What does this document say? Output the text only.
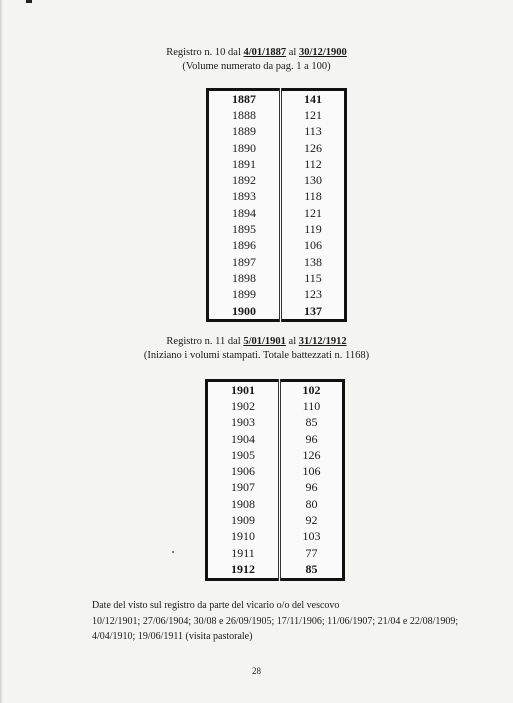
Registro n. 10 dal 4/01/1887 al 30/12/1900
(Volume numerato da pag. 1 a 100)
1887	141
1888	121
1889	113
1890	126
1891	112
1892	130
1893	118
1894	121
1895	119
1896	106
1897	138
1898	115
1899	123
1900	137
Registro n. 11 dal 5/01/1901 al 31/12/1912
(Iniziano i volumi stampati. Totale battezzati n. 1168)
1901	102
1902	110
1903	85
1904	96
1905	126
1906	106
1907	96
1908	80
1909	92
1910	103
1911	77
1912	85

Date del visto sul registro da parte del vicario o/o del vescovo

10/12/1901; 27/06/1904; 30/08 e 26/09/1905; 17/11/1906; 11/06/1907; 21/04 e 22/08/1909;

4/04/1910; 19/06/1911 (visita pastorale)

28
